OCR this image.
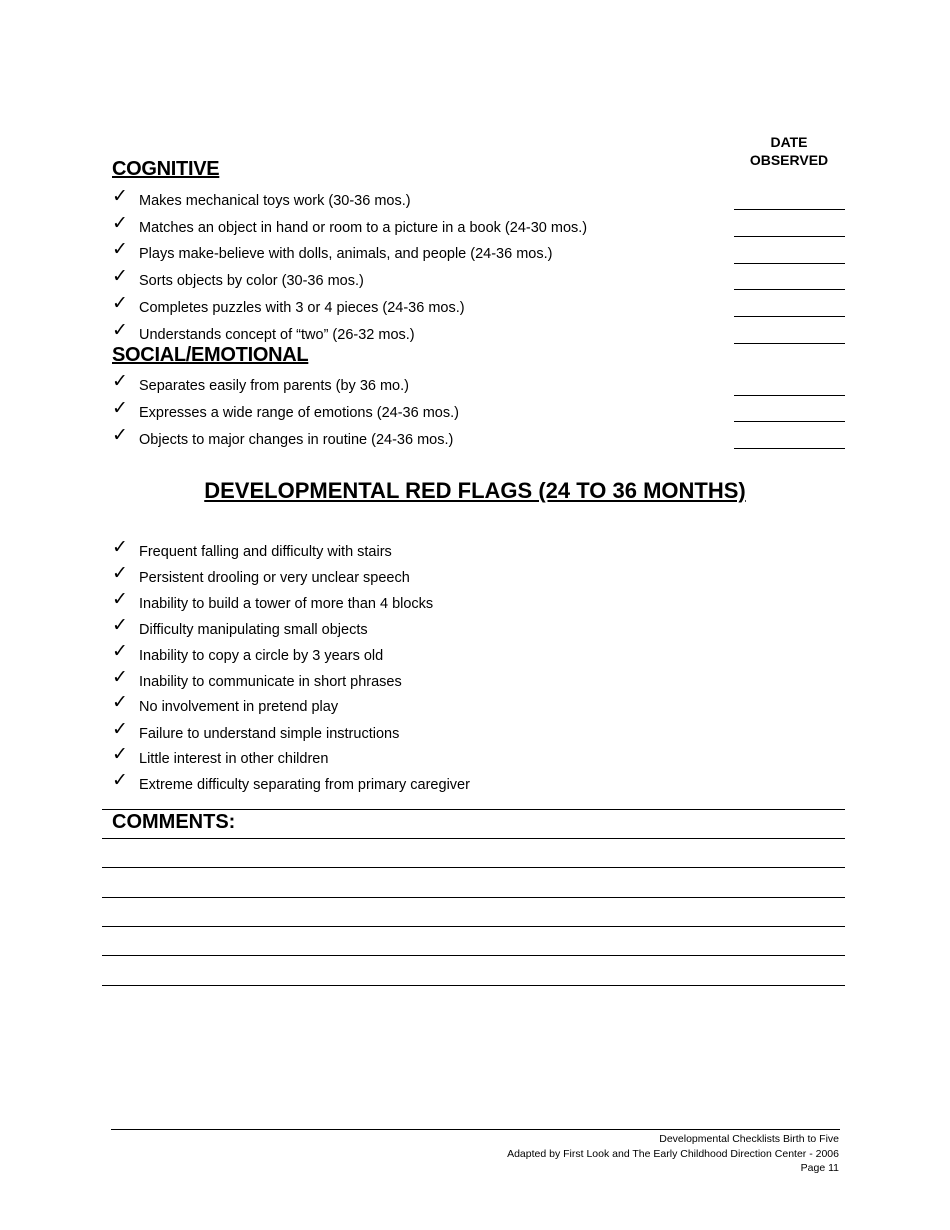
DATE
OBSERVED
COGNITIVE
✓ Makes mechanical toys work (30-36 mos.)
✓ Matches an object in hand or room to a picture in a book (24-30 mos.)
✓ Plays make-believe with dolls, animals, and people (24-36 mos.)
✓ Sorts objects by color (30-36 mos.)
✓ Completes puzzles with 3 or 4 pieces (24-36 mos.)
✓ Understands concept of “two” (26-32 mos.)
SOCIAL/EMOTIONAL
✓ Separates easily from parents (by 36 mo.)
✓ Expresses a wide range of emotions (24-36 mos.)
✓ Objects to major changes in routine (24-36 mos.)
DEVELOPMENTAL RED FLAGS (24 TO 36 MONTHS)
✓ Frequent falling and difficulty with stairs
✓ Persistent drooling or very unclear speech
✓ Inability to build a tower of more than 4 blocks
✓ Difficulty manipulating small objects
✓ Inability to copy a circle by 3 years old
✓ Inability to communicate in short phrases
✓ No involvement in pretend play
✓ Failure to understand simple instructions
✓ Little interest in other children
✓ Extreme difficulty separating from primary caregiver
COMMENTS:
Developmental Checklists Birth to Five
Adapted by First Look and The Early Childhood Direction Center - 2006
Page 11
